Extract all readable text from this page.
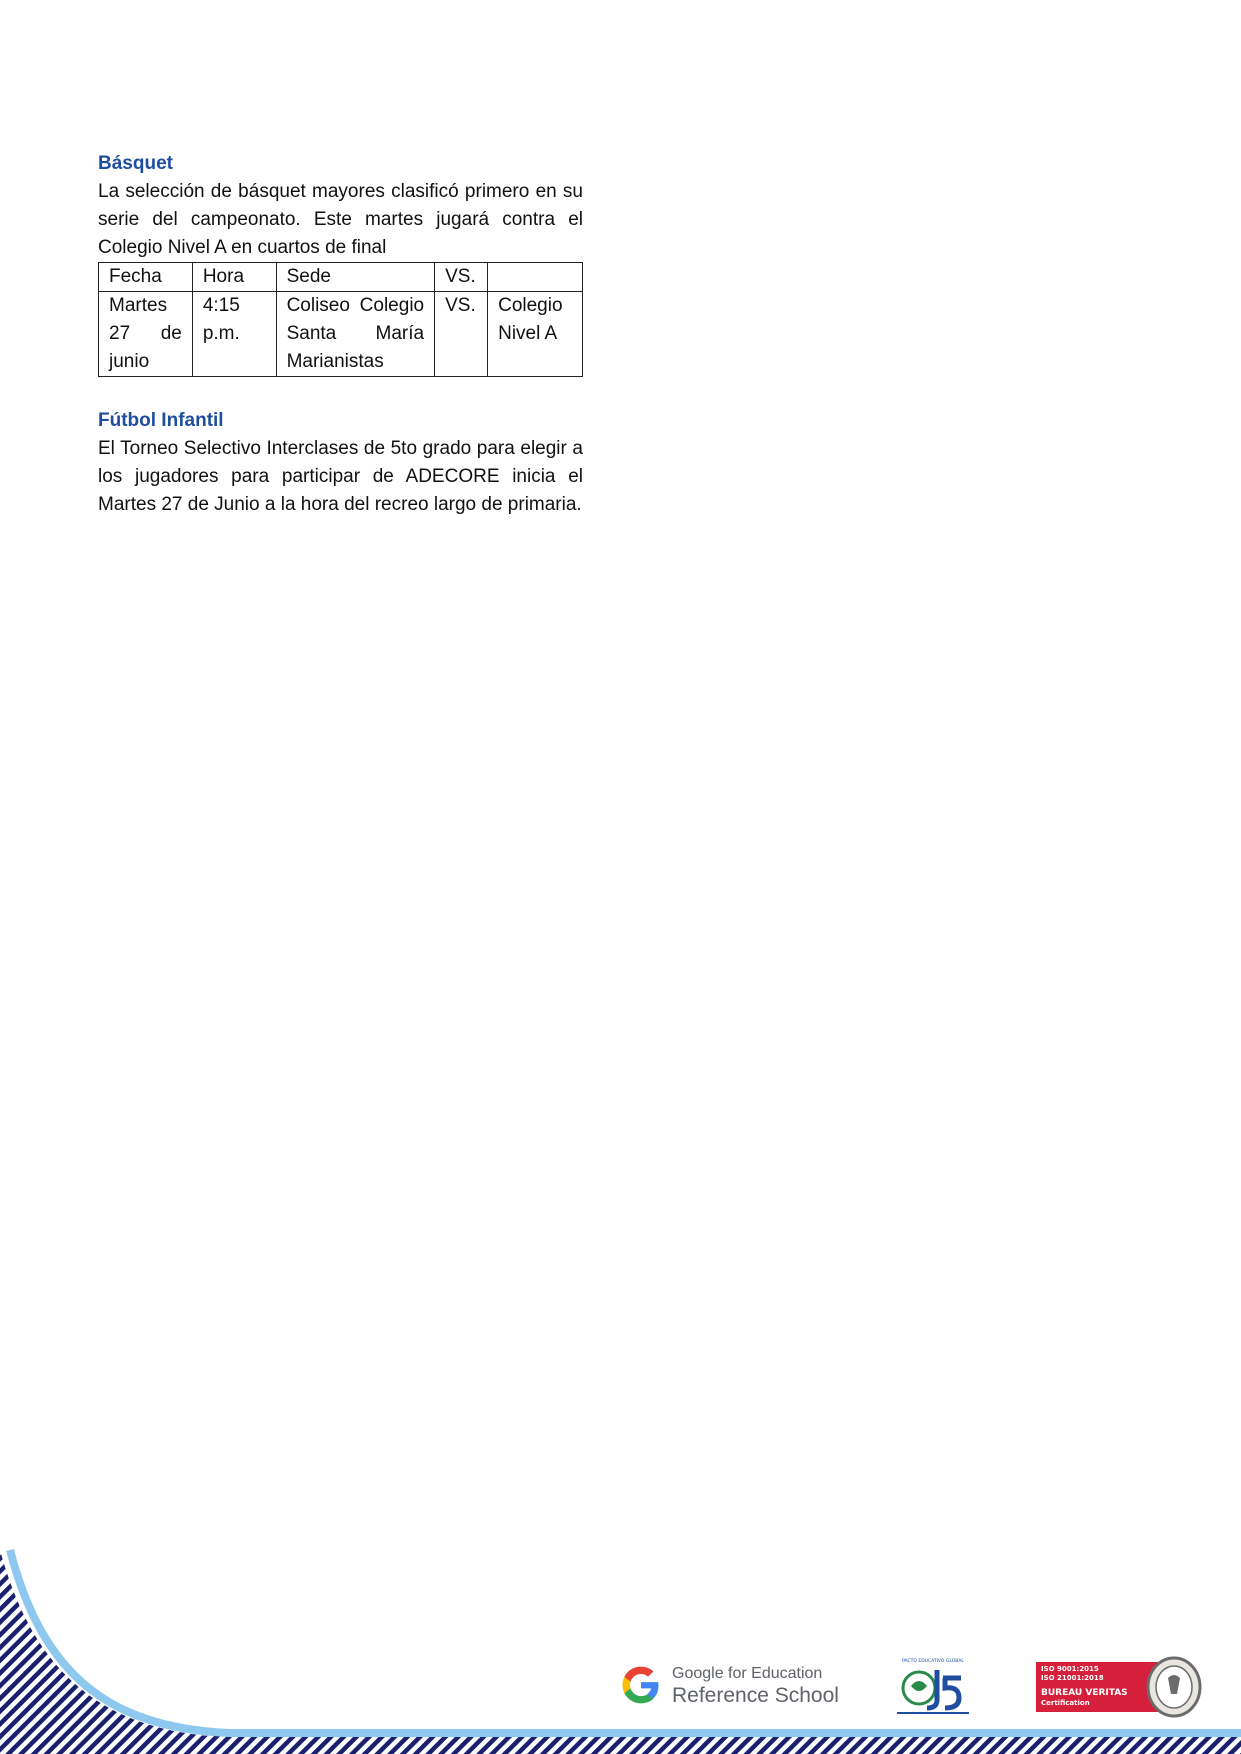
Básquet

La selección de básquet mayores clasificó primero en su serie del campeonato. Este martes jugará contra el Colegio Nivel A en cuartos de final

Fecha	Hora	Sede	VS.	
Martes 27 de junio	4:15 p.m.	Coliseo Colegio Santa María Marianistas	VS.	Colegio Nivel A
Fútbol Infantil

El Torneo Selectivo Interclases de 5to grado para elegir a los jugadores para participar de ADECORE inicia el Martes 27 de Junio a la hora del recreo largo de primaria.

Google for Education
Reference School
PACTO EDUCATIVO GLOBAL
ISO 9001:2015
ISO 21001:2018
BUREAU VERITAS
Certification
